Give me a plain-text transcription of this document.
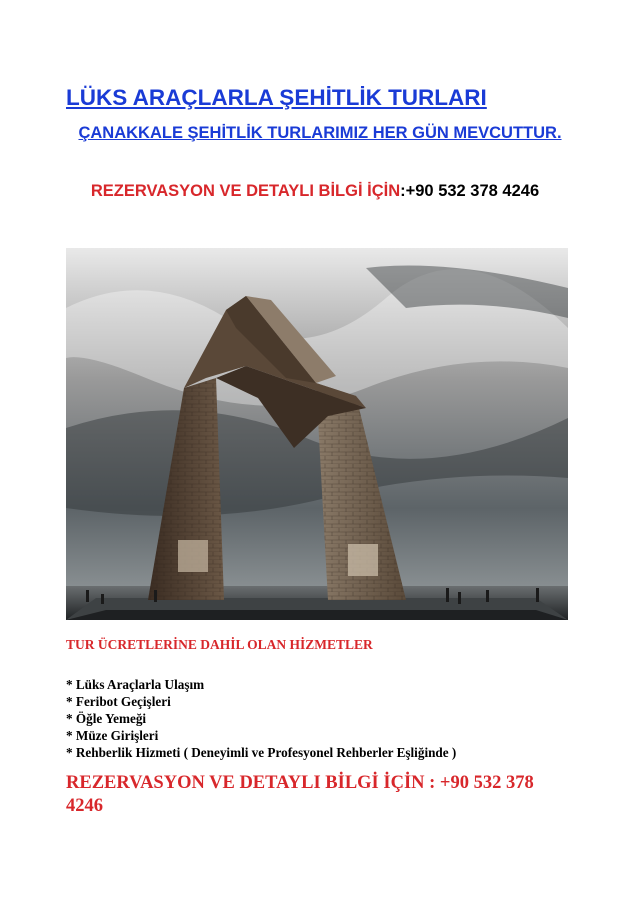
LÜKS ARAÇLARLA ŞEHİTLİK TURLARI
ÇANAKKALE ŞEHİTLİK TURLARIMIZ HER GÜN MEVCUTTUR.
REZERVASYON VE DETAYLI BİLGİ İÇİN:+90 532 378 4246
TUR ÜCRETLERİNE DAHİL OLAN HİZMETLER
* Lüks Araçlarla Ulaşım
* Feribot Geçişleri
* Öğle Yemeği
* Müze Girişleri
* Rehberlik Hizmeti ( Deneyimli ve Profesyonel Rehberler Eşliğinde )
REZERVASYON VE DETAYLI BİLGİ İÇİN : +90 532 378 4246
